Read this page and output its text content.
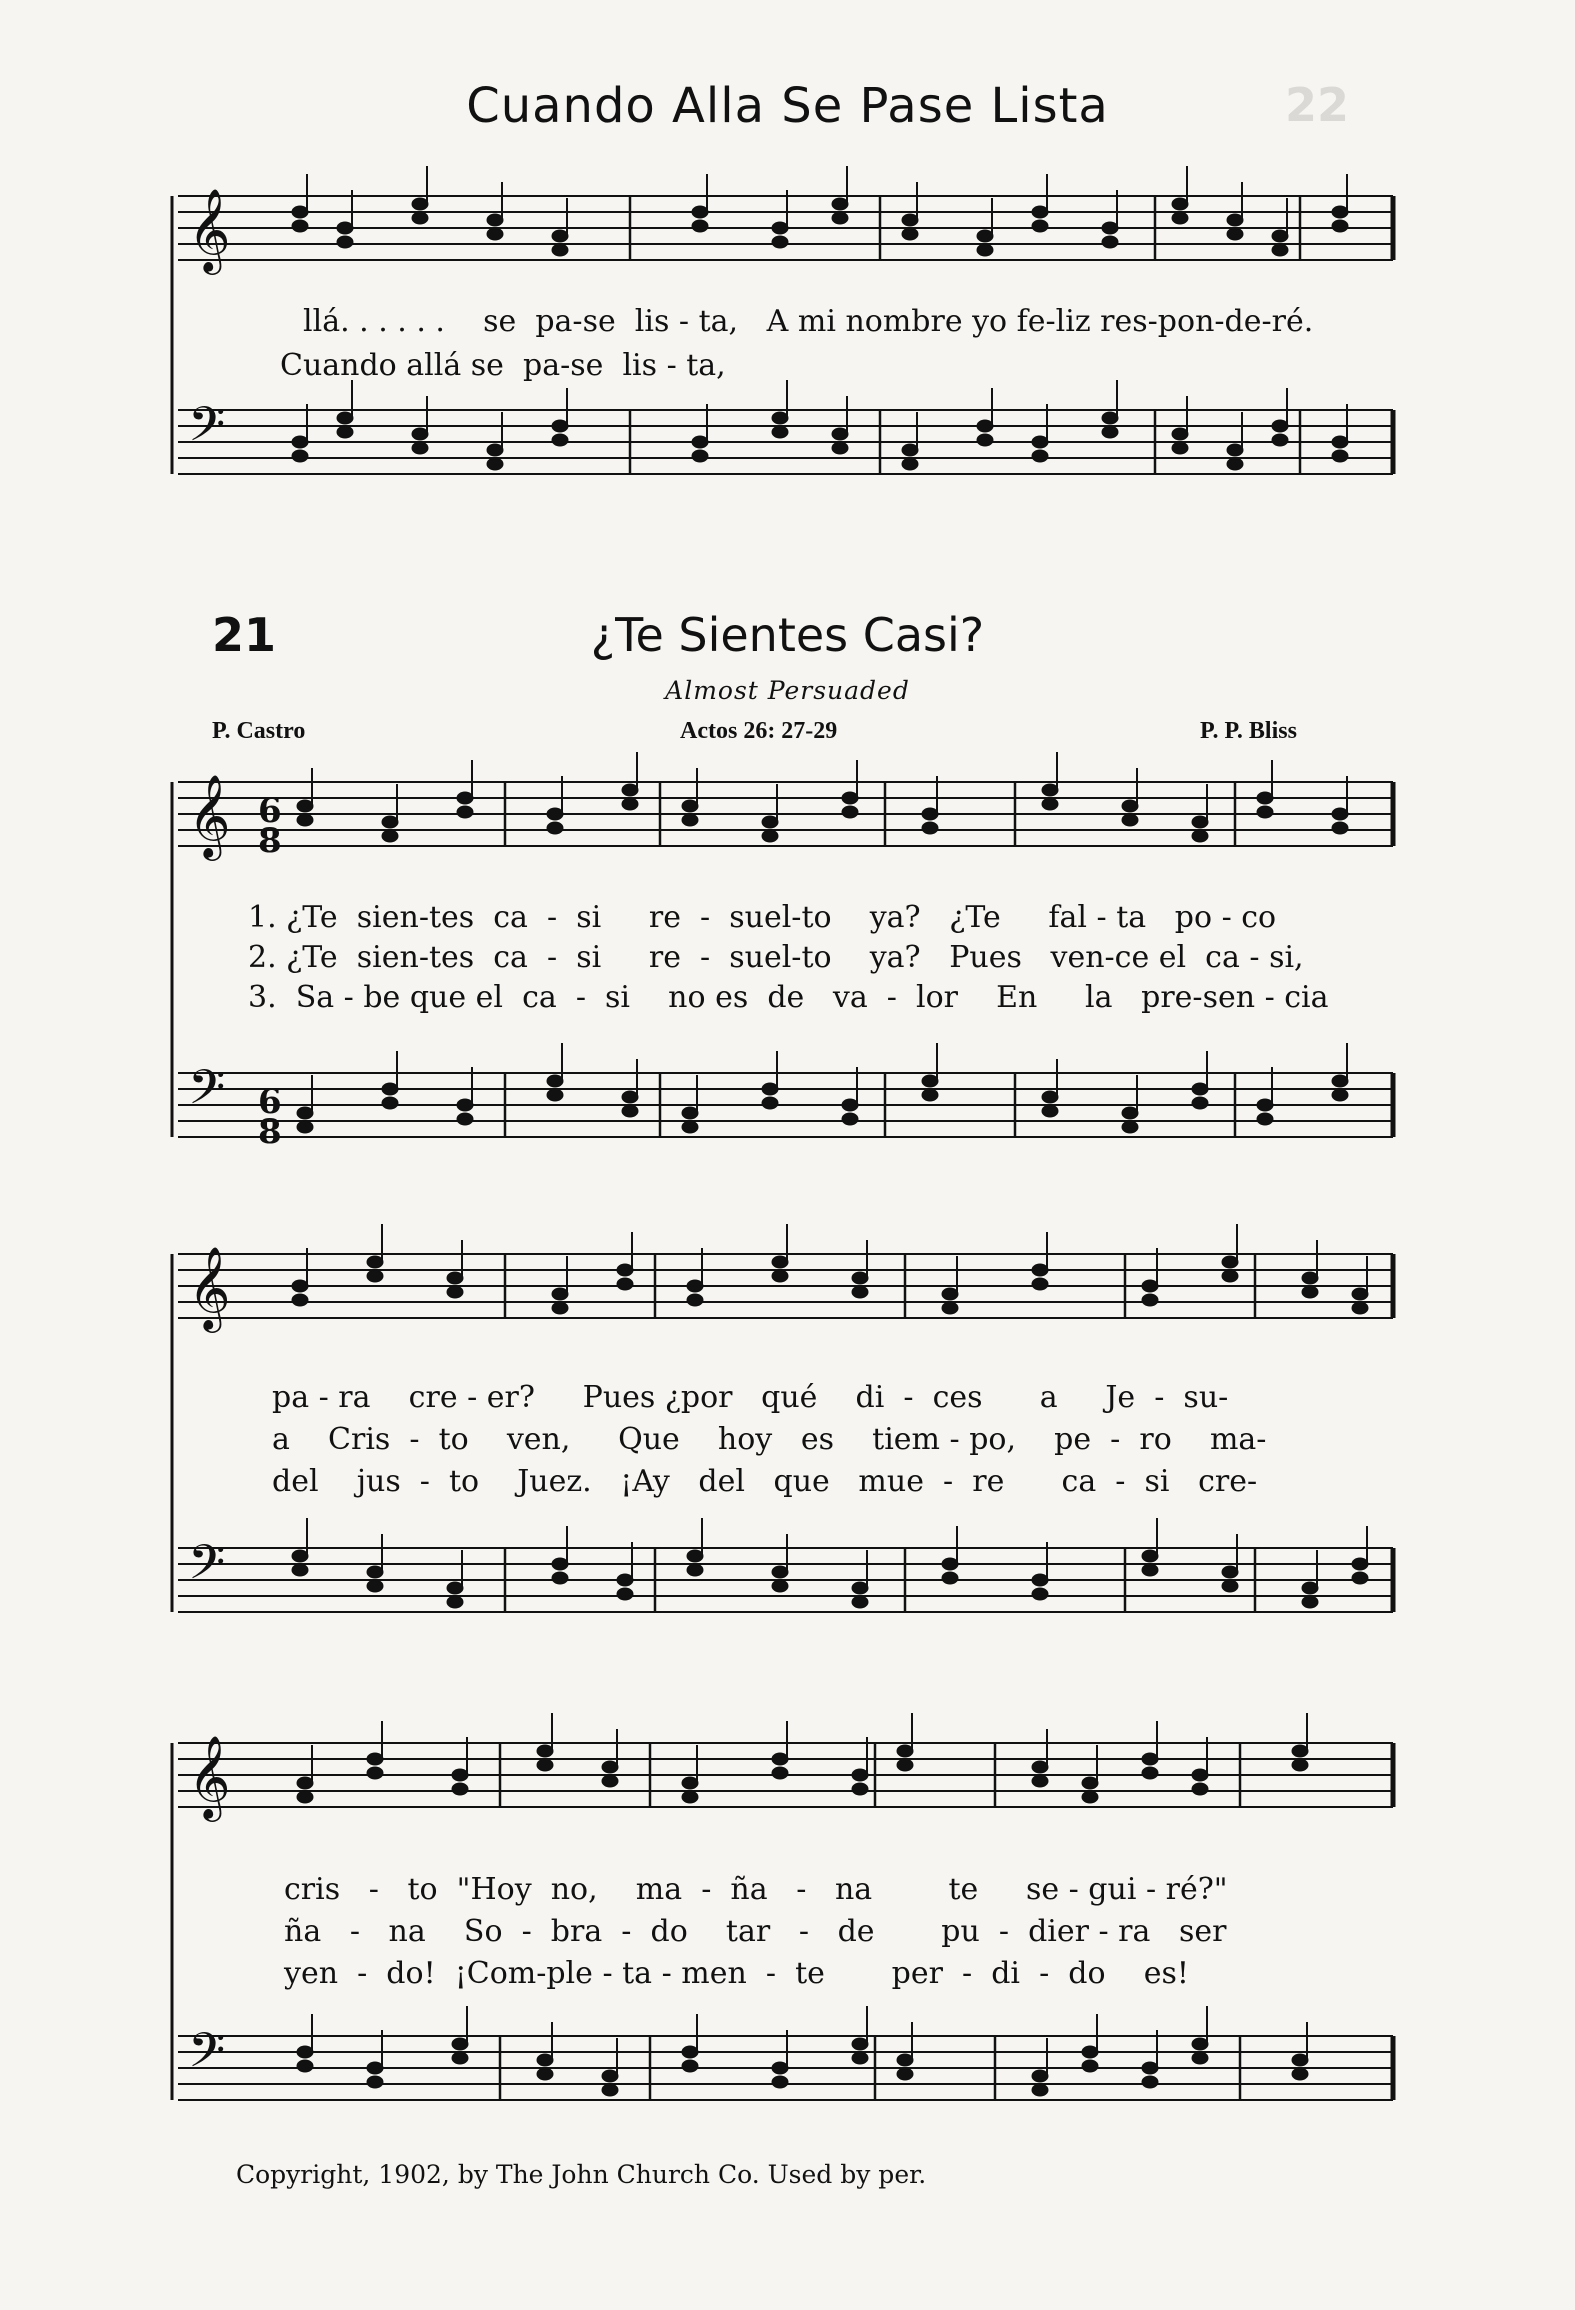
22
Cuando Alla Se Pase Lista
𝄞
𝄢
𝄞
𝄢
𝄞
𝄢
𝄞
𝄢
6
6
8
8
llá. . . . . .    se  pa-se  lis - ta,   A mi nombre yo fe-liz res-pon-de-ré.
Cuando allá se  pa-se  lis - ta,
21	¿Te Sientes Casi?
Almost Persuaded
P. Castro	Actos 26: 27-29	P. P. Bliss
1. ¿Te  sien-tes  ca  -  si     re  -  suel-to    ya?   ¿Te     fal - ta   po - co
2. ¿Te  sien-tes  ca  -  si     re  -  suel-to    ya?   Pues   ven-ce el  ca - si,
3.  Sa - be que el  ca  -  si    no es  de   va  -  lor    En     la   pre-sen - cia
pa - ra    cre - er?     Pues ¿por   qué    di  -  ces      a     Je  -  su-
a    Cris  -  to    ven,     Que    hoy   es    tiem - po,    pe  -  ro    ma-
del    jus  -  to    Juez.   ¡Ay   del   que   mue  -  re      ca  -  si   cre-
cris   -   to  "Hoy  no,    ma  -  ña   -   na        te     se - gui - ré?"
ña   -   na    So  -  bra  -  do    tar   -   de       pu  -  dier - ra   ser
yen  -  do!  ¡Com-ple - ta - men  -  te       per  -  di  -  do    es!
Copyright, 1902, by The John Church Co. Used by per.
